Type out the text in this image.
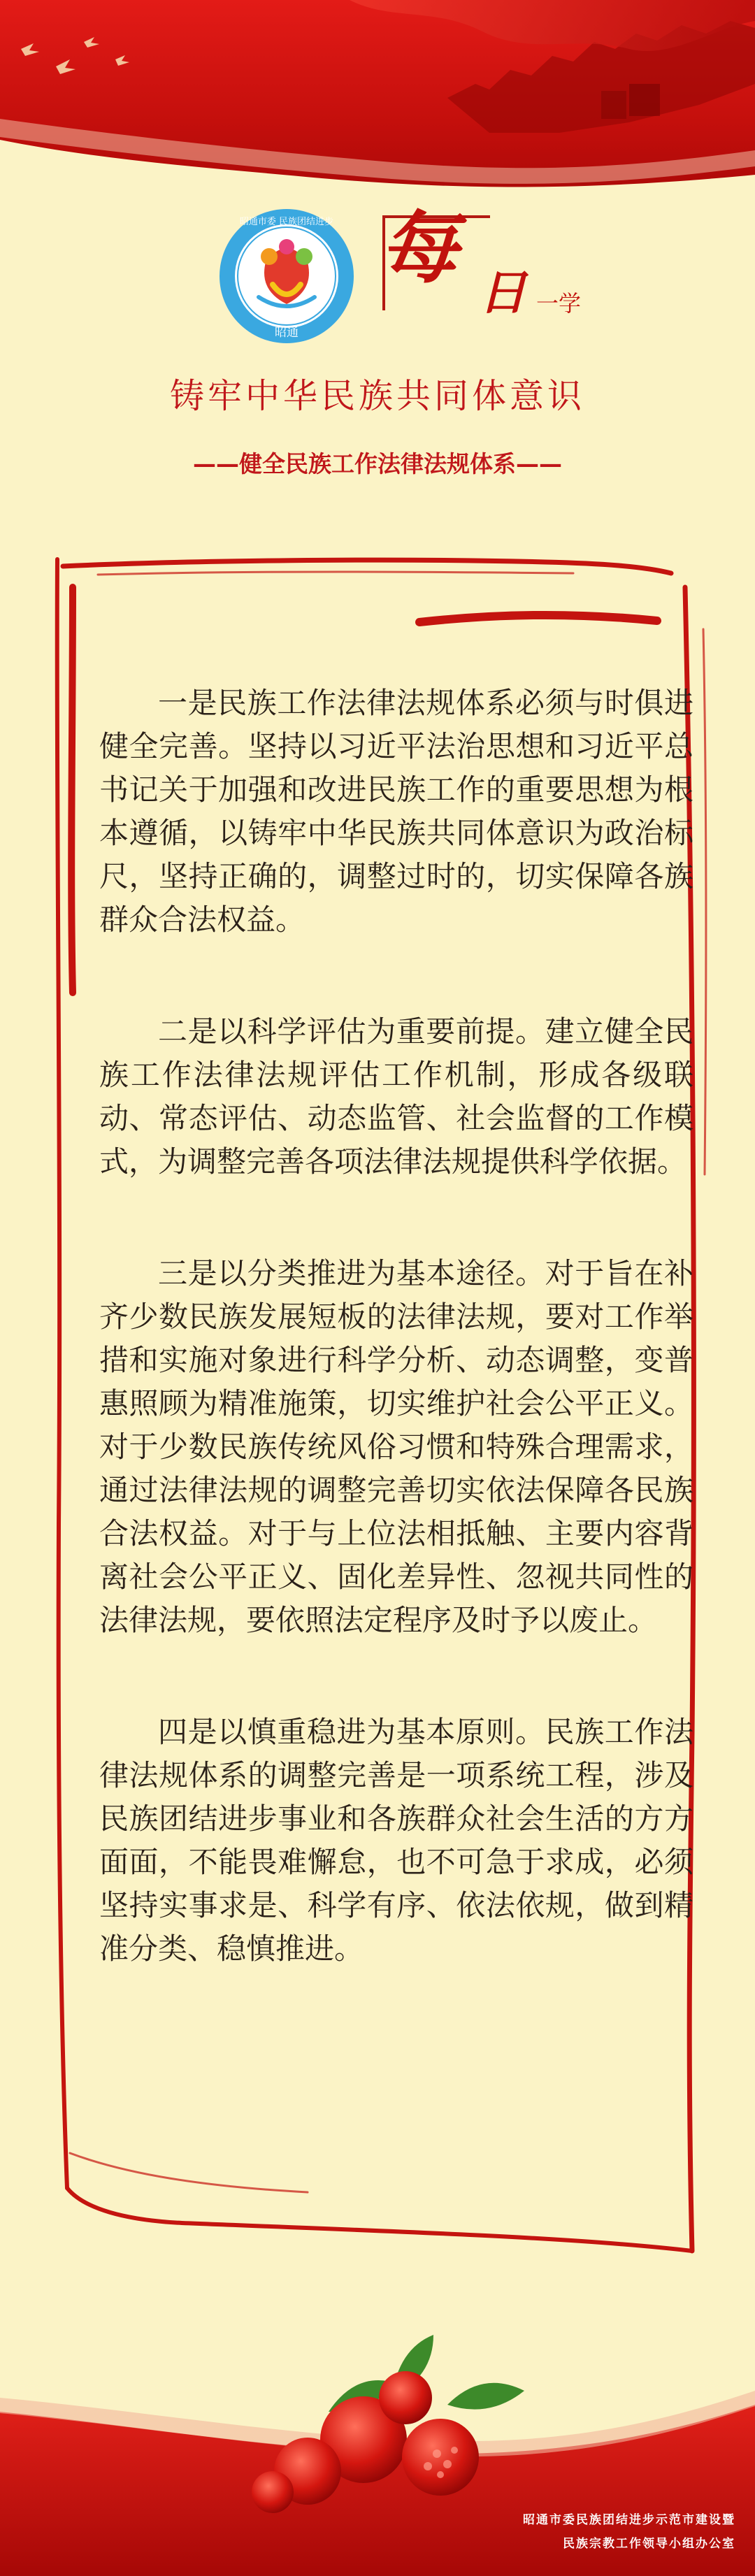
昭通
昭通市委 民族团结进步 每 日 一学
铸牢中华民族共同体意识
——健全民族工作法律法规体系——

一是民族工作法律法规体系必须与时俱进健全完善。坚持以习近平法治思想和习近平总书记关于加强和改进民族工作的重要思想为根本遵循，以铸牢中华民族共同体意识为政治标尺，坚持正确的，调整过时的，切实保障各族群众合法权益。

二是以科学评估为重要前提。建立健全民族工作法律法规评估工作机制，形成各级联动、常态评估、动态监管、社会监督的工作模式，为调整完善各项法律法规提供科学依据。

三是以分类推进为基本途径。对于旨在补齐少数民族发展短板的法律法规，要对工作举措和实施对象进行科学分析、动态调整，变普惠照顾为精准施策，切实维护社会公平正义。对于少数民族传统风俗习惯和特殊合理需求，通过法律法规的调整完善切实依法保障各民族合法权益。对于与上位法相抵触、主要内容背离社会公平正义、固化差异性、忽视共同性的法律法规，要依照法定程序及时予以废止。

四是以慎重稳进为基本原则。民族工作法律法规体系的调整完善是一项系统工程，涉及民族团结进步事业和各族群众社会生活的方方面面，不能畏难懈怠，也不可急于求成，必须坚持实事求是、科学有序、依法依规，做到精准分类、稳慎推进。

昭通市委民族团结进步示范市建设暨
民族宗教工作领导小组办公室
